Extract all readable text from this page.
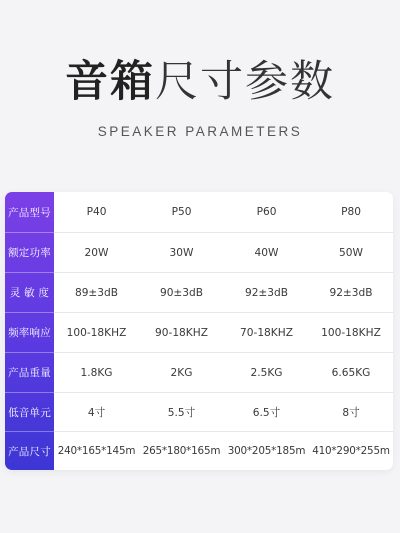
音箱尺寸参数
SPEAKER PARAMETERS
产品型号	P40	P50	P60	P80
额定功率	20W	30W	40W	50W
灵 敏 度	89±3dB	90±3dB	92±3dB	92±3dB
频率响应	100-18KHZ	90-18KHZ	70-18KHZ	100-18KHZ
产品重量	1.8KG	2KG	2.5KG	6.65KG
低音单元	4寸	5.5寸	6.5寸	8寸
产品尺寸 240*165*145m 265*180*165m 300*205*185m 410*290*255m
